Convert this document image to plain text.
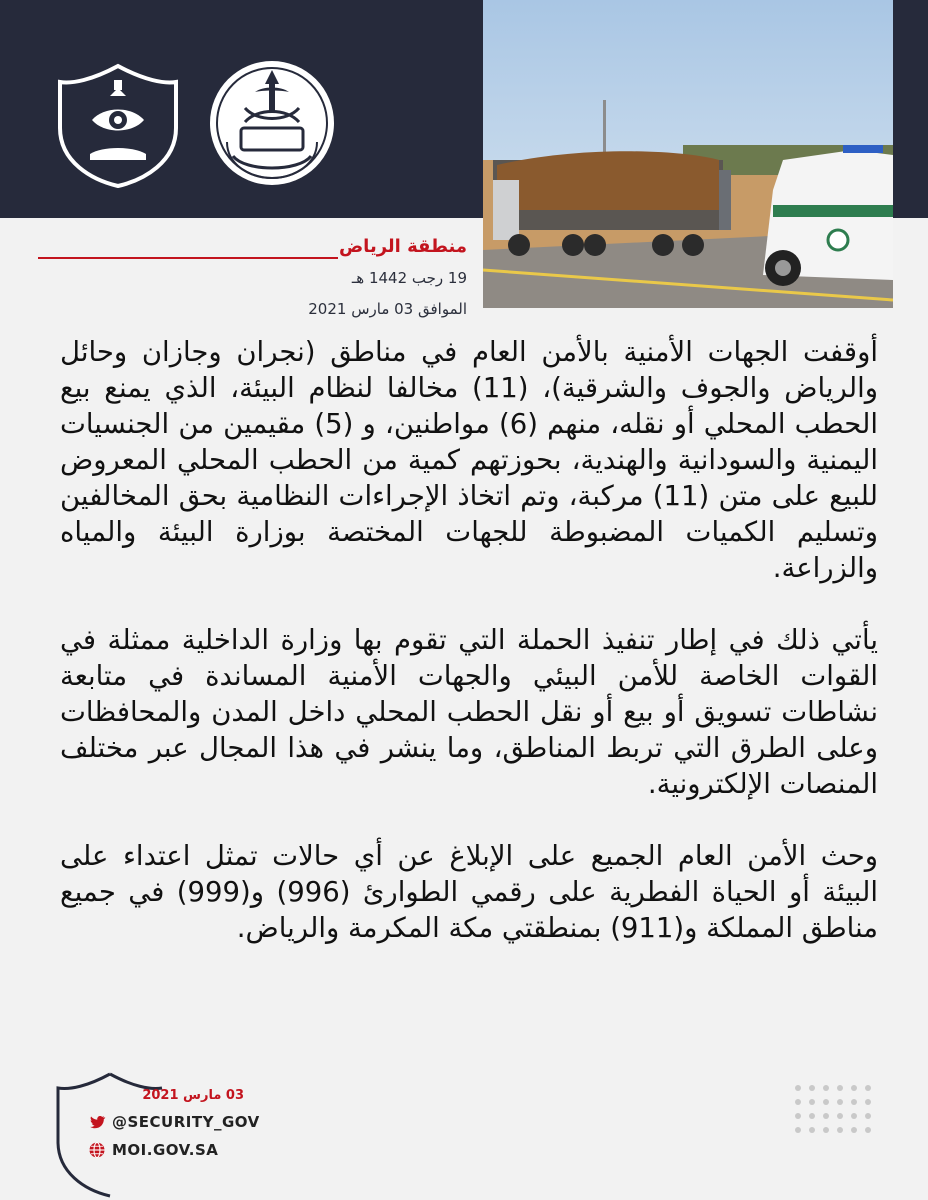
منطقة الرياض
19 رجب 1442 هـ
الموافق 03 مارس 2021

أوقفت الجهات الأمنية بالأمن العام في مناطق (نجران وجازان وحائل والرياض والجوف والشرقية)، (11) مخالفا لنظام البيئة، الذي يمنع بيع الحطب المحلي أو نقله، منهم (6) مواطنين، و (5) مقيمين من الجنسيات اليمنية والسودانية والهندية، بحوزتهم كمية من الحطب المحلي المعروض للبيع على متن (11) مركبة، وتم اتخاذ الإجراءات النظامية بحق المخالفين وتسليم الكميات المضبوطة للجهات المختصة بوزارة البيئة والمياه والزراعة.

يأتي ذلك في إطار تنفيذ الحملة التي تقوم بها وزارة الداخلية ممثلة في القوات الخاصة للأمن البيئي والجهات الأمنية المساندة في متابعة نشاطات تسويق أو بيع أو نقل الحطب المحلي داخل المدن والمحافظات وعلى الطرق التي تربط المناطق، وما ينشر في هذا المجال عبر مختلف المنصات الإلكترونية.

وحث الأمن العام الجميع على الإبلاغ عن أي حالات تمثل اعتداء على البيئة أو الحياة الفطرية على رقمي الطوارئ (996) و(999) في جميع مناطق المملكة و(911) بمنطقتي مكة المكرمة والرياض.

03 مارس 2021
@SECURITY_GOV
MOI.GOV.SA
